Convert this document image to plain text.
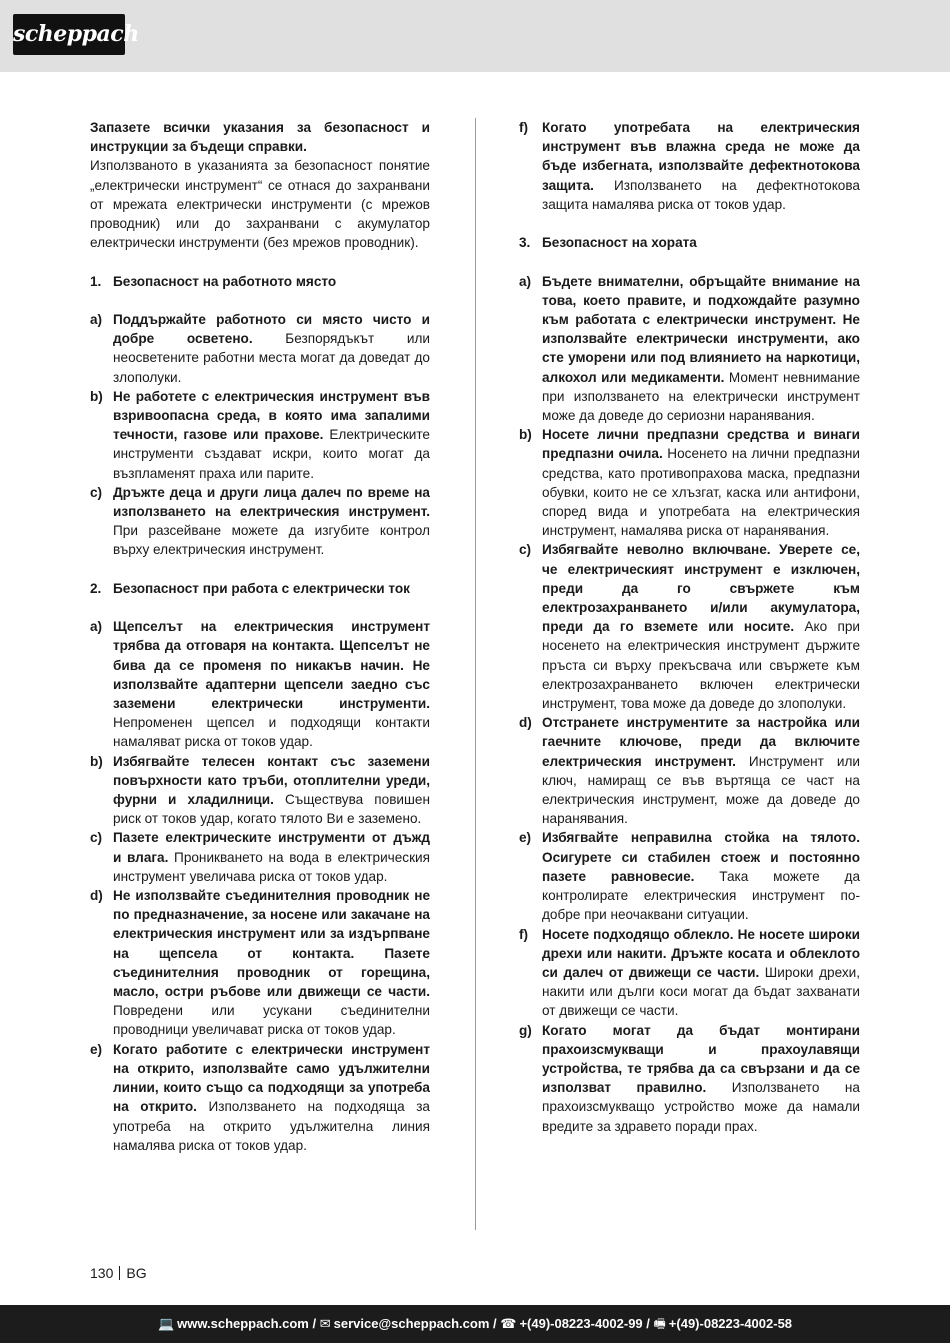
scheppach

Запазете всички указания за безопасност и инструкции за бъдещи справки.

Използваното в указанията за безопасност понятие „електрически инструмент“ се отнася до захранвани от мрежата електрически инструменти (с мрежов проводник) или до захранвани с акумулатор електрически инструменти (без мрежов проводник).

1. Безопасност на работното място
a) Поддържайте работното си място чисто и добре осветено. Безпорядъкът или неосветените работни места могат да доведат до злополуки.
b) Не работете с електрическия инструмент във взривоопасна среда, в която има запалими течности, газове или прахове. Електрическите инструменти създават искри, които могат да възпламенят праха или парите.
c) Дръжте деца и други лица далеч по време на използването на електрическия инструмент. При разсейване можете да изгубите контрол върху електрическия инструмент.
2. Безопасност при работа с електрически ток
a) Щепселът на електрическия инструмент трябва да отговаря на контакта. Щепселът не бива да се променя по никакъв начин. Не използвайте адаптерни щепсели заедно със заземени електрически инструменти. Непроменен щепсел и подходящи контакти намаляват риска от токов удар.
b) Избягвайте телесен контакт със заземени повърхности като тръби, отоплителни уреди, фурни и хладилници. Съществува повишен риск от токов удар, когато тялото Ви е заземено.
c) Пазете електрическите инструменти от дъжд и влага. Проникването на вода в електрическия инструмент увеличава риска от токов удар.
d) Не използвайте съединителния проводник не по предназначение, за носене или закачане на електрическия инструмент или за издърпване на щепсела от контакта. Пазете съединителния проводник от горещина, масло, остри ръбове или движещи се части. Повредени или усукани съединителни проводници увеличават риска от токов удар.
e) Когато работите с електрически инструмент на открито, използвайте само удължителни линии, които също са подходящи за употреба на открито. Използването на подходяща за употреба на открито удължителна линия намалява риска от токов удар.
f)	Когато употребата на електрическия инструмент във влажна среда не може да бъде избегната, използвайте дефектнотокова защита. Използването на дефектнотокова защита намалява риска от токов удар.
3. Безопасност на хората
a) Бъдете внимателни, обръщайте внимание на това, което правите, и подхождайте разумно към работата с електрически инструмент. Не използвайте електрически инструменти, ако сте уморени или под влиянието на наркотици, алкохол или медикаменти. Момент невнимание при използването на електрически инструмент може да доведе до сериозни наранявания.
b) Носете лични предпазни средства и винаги предпазни очила. Носенето на лични предпазни средства, като противопрахова маска, предпазни обувки, които не се хлъзгат, каска или антифони, според вида и употребата на електрическия инструмент, намалява риска от наранявания.
c) Избягвайте неволно включване. Уверете се, че електрическият инструмент е изключен, преди да го свържете към електрозахранването и/или акумулатора, преди да го вземете или носите. Ако при носенето на електрическия инструмент държите пръста си върху прекъсвача или свържете към електрозахранването включен електрически инструмент, това може да доведе до злополуки.
d) Отстранете инструментите за настройка или гаечните ключове, преди да включите електрическия инструмент. Инструмент или ключ, намиращ се във въртяща се част на електрическия инструмент, може да доведе до наранявания.
e) Избягвайте неправилна стойка на тялото. Осигурете си стабилен стоеж и постоянно пазете равновесие. Така можете да контролирате електрическия инструмент по-добре при неочаквани ситуации.
f)	Носете подходящо облекло. Не носете широки дрехи или накити. Дръжте косата и облеклото си далеч от движещи се части. Широки дрехи, накити или дълги коси могат да бъдат захванати от движещи се части.
g) Когато могат да бъдат монтирани прахоизсмукващи и прахоулавящи устройства, те трябва да са свързани и да се използват правилно. Използването на прахоизсмукващо устройство може да намали вредите за здравето поради прах.
130 BG
💻 www.scheppach.com / ✉ service@scheppach.com / ☎ +(49)-08223-4002-99 / 🖷 +(49)-08223-4002-58
